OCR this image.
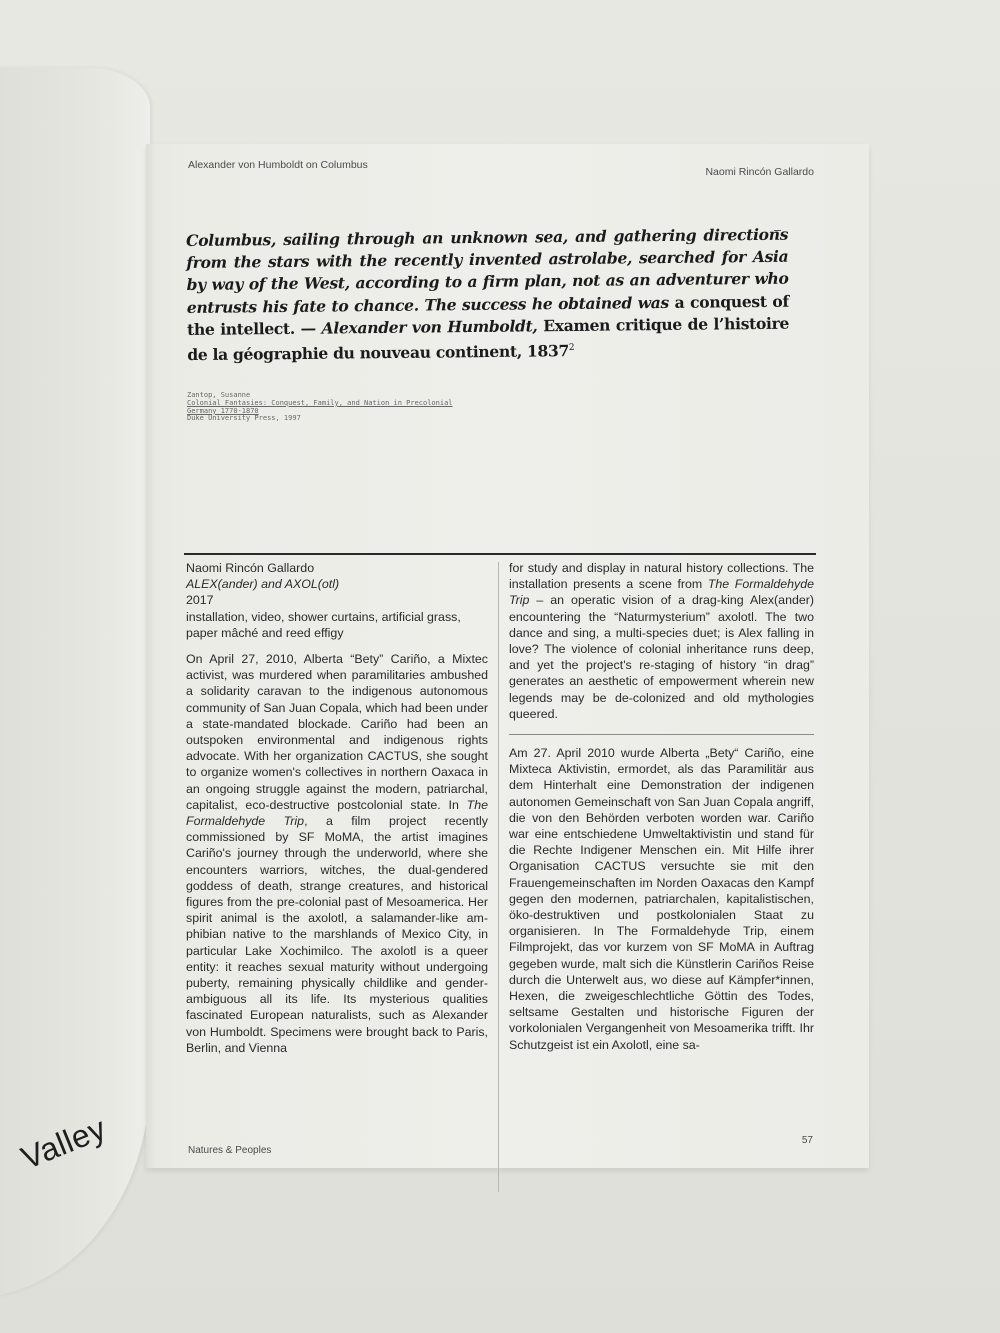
Valley
Alexander von Humboldt on Columbus
Naomi Rincón Gallardo
Columbus, sailing through an unknown sea, and gathering directions from the stars with the recently invented astrolabe, searched for Asia by way of the West, according to a firm plan, not as an adventurer who entrusts his fate to chance. The success he obtained was a conquest of the intellect. — Alexander von Humboldt, Examen critique de l’histoire de la géographie du nouveau continent, 1837$^2$
Zantop, Susanne
Colonial Fantasies: Conquest, Family, and Nation in Precolonial
Germany 1770-1870
Duke University Press, 1997

Naomi Rincón Gallardo

ALEX(ander) and AXOL(otl)

2017

installation, video, shower curtains, artificial grass, paper mâché and reed effigy

On April 27, 2010, Alberta “Bety” Cariño, a Mixtec activist, was murdered when paramilitaries ambushed a solidarity caravan to the indigenous autonomous community of San Juan Copala, which had been under a state-mandated blockade. Cariño had been an outspoken environmental and indigenous rights advocate. With her organization CACTUS, she sought to organize women's collectives in northern Oaxaca in an ongoing struggle against the modern, patriarchal, capitalist, eco-destructive postcolonial state. In The Formaldehyde Trip, a film project recently commissioned by SF MoMA, the artist imagines Cariño's journey through the underworld, where she encounters warriors, witches, the dual-gendered goddess of death, strange creatures, and historical figures from the pre-colonial past of Mesoamerica. Her spirit animal is the axolotl, a salamander-like amphibian native to the marshlands of Mexico City, in particular Lake Xochimilco. The axolotl is a queer entity: it reaches sexual maturity without undergoing puberty, remaining physically childlike and gender-ambiguous all its life. Its mysterious qualities fascinated European naturalists, such as Alexander von Humboldt. Specimens were brought back to Paris, Berlin, and Vienna

for study and display in natural history collections. The installation presents a scene from The Formaldehyde Trip – an operatic vision of a drag-king Alex(ander) encountering the “Naturmysterium” axolotl. The two dance and sing, a multi-species duet; is Alex falling in love? The violence of colonial inheritance runs deep, and yet the project's re-staging of history “in drag” generates an aesthetic of empowerment wherein new legends may be de-colonized and old mythologies queered.

Am 27. April 2010 wurde Alberta „Bety“ Cariño, eine Mixteca Aktivistin, ermordet, als das Paramilitär aus dem Hinterhalt eine Demonstration der indigenen autonomen Gemeinschaft von San Juan Copala angriff, die von den Behörden verboten worden war. Cariño war eine entschiedene Umweltaktivistin und stand für die Rechte Indigener Menschen ein. Mit Hilfe ihrer Organisation CACTUS versuchte sie mit den Frauengemeinschaften im Norden Oaxacas den Kampf gegen den modernen, patriarchalen, kapitalistischen, öko-destruktiven und postkolonialen Staat zu organisieren. In The Formaldehyde Trip, einem Filmprojekt, das vor kurzem von SF MoMA in Auftrag gegeben wurde, malt sich die Künstlerin Cariños Reise durch die Unterwelt aus, wo diese auf Kämpfer*innen, Hexen, die zweigeschlechtliche Göttin des Todes, seltsame Gestalten und historische Figuren der vorkolonialen Vergangenheit von Mesoamerika trifft. Ihr Schutzgeist ist ein Axolotl, eine sa-

Natures & Peoples
57
